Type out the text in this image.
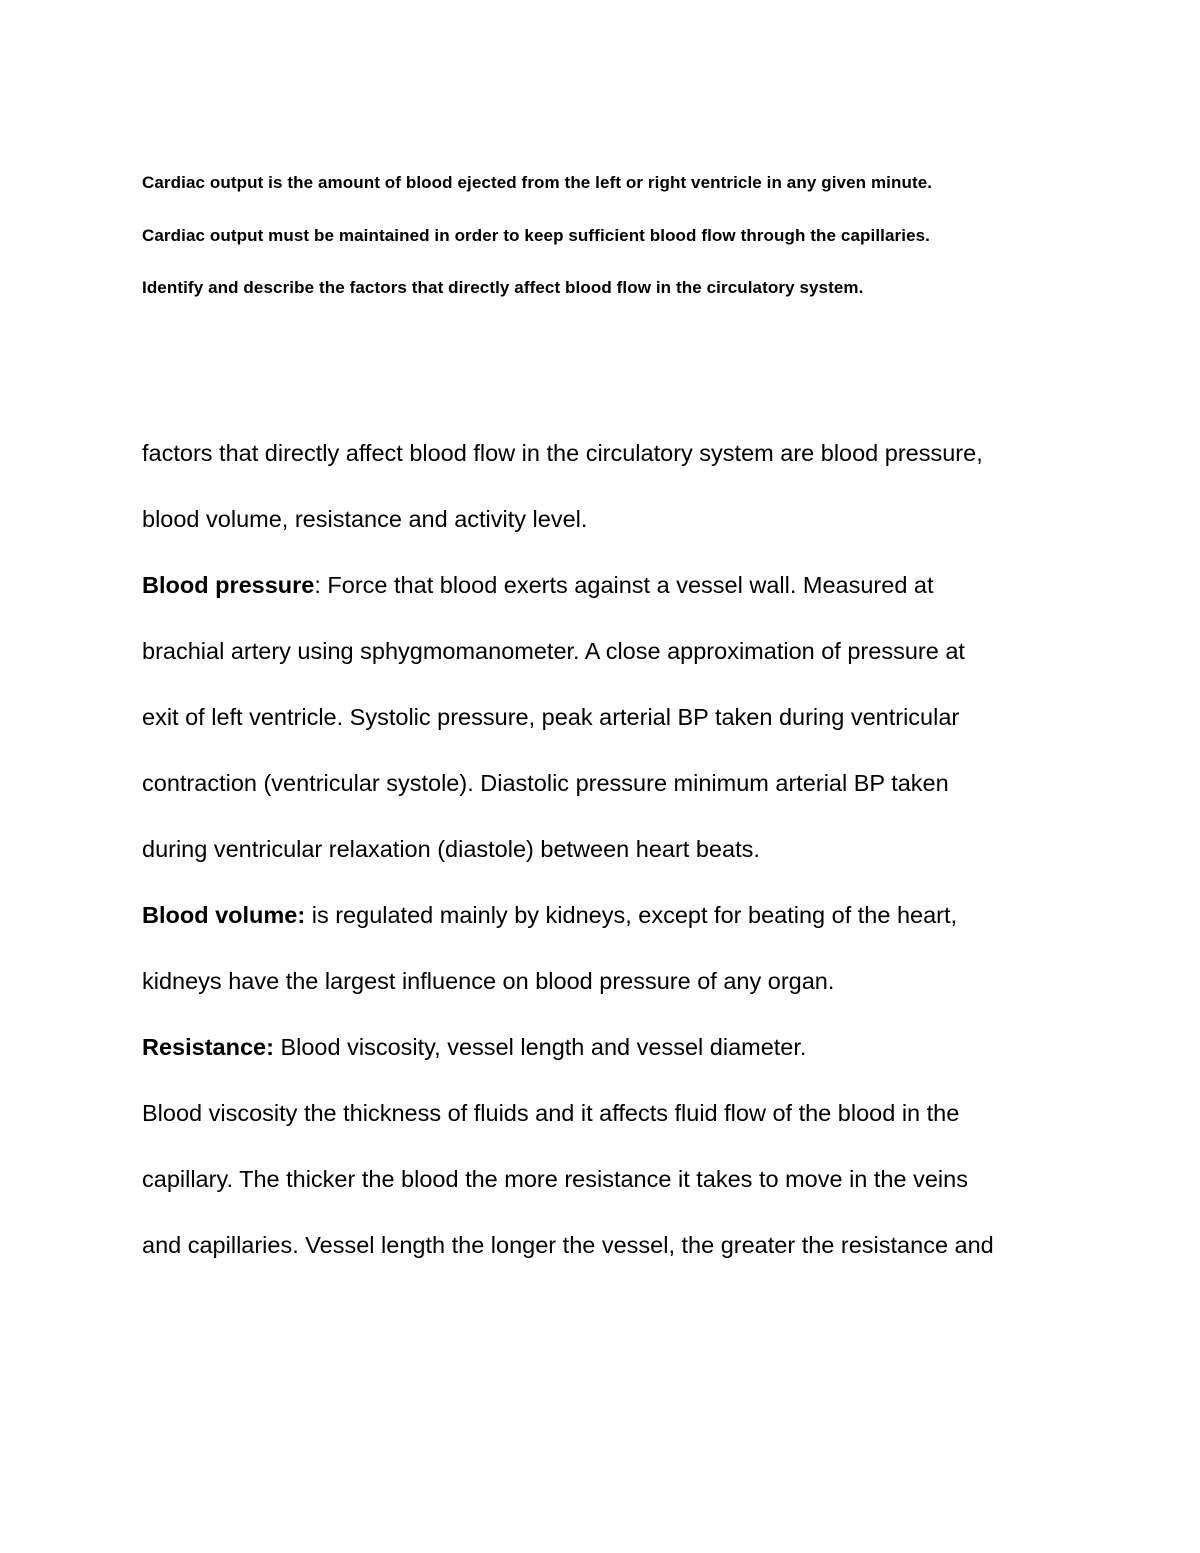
Cardiac output is the amount of blood ejected from the left or right ventricle in any given minute.
Cardiac output must be maintained in order to keep sufficient blood flow through the capillaries.
Identify and describe the factors that directly affect blood flow in the circulatory system.
factors that directly affect blood flow in the circulatory system are blood pressure,
blood volume, resistance and activity level.
Blood pressure: Force that blood exerts against a vessel wall. Measured at
brachial artery using sphygmomanometer. A close approximation of pressure at
exit of left ventricle. Systolic pressure, peak arterial BP taken during ventricular
contraction (ventricular systole). Diastolic pressure minimum arterial BP taken
during ventricular relaxation (diastole) between heart beats.
Blood volume: is regulated mainly by kidneys, except for beating of the heart,
kidneys have the largest influence on blood pressure of any organ.
Resistance: Blood viscosity, vessel length and vessel diameter.
Blood viscosity the thickness of fluids and it affects fluid flow of the blood in the
capillary. The thicker the blood the more resistance it takes to move in the veins
and capillaries. Vessel length the longer the vessel, the greater the resistance and
